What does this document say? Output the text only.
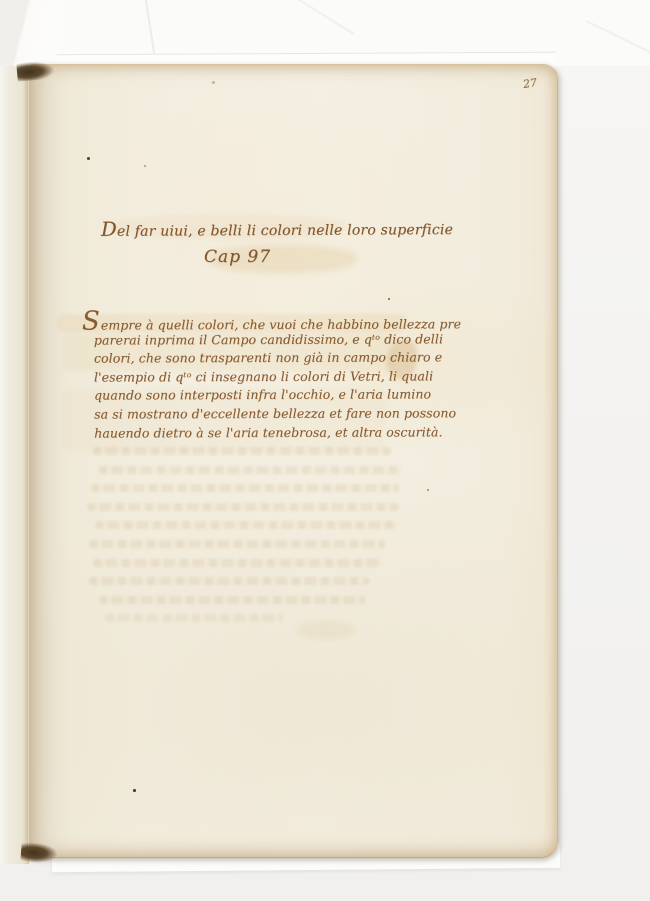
27
Del far uiui, e belli li colori nelle loro superficie
Cap 97
Sempre à quelli colori, che vuoi che habbino bellezza pre
parerai inprima il Campo candidissimo, e qᵗᵒ dico delli
colori, che sono trasparenti non già in campo chiaro e
l'esempio di qᵗᵒ ci insegnano li colori di Vetri, li quali
quando sono interposti infra l'occhio, e l'aria lumino
sa si mostrano d'eccellente bellezza et fare non possono
hauendo dietro à se l'aria tenebrosa, et altra oscurità.
